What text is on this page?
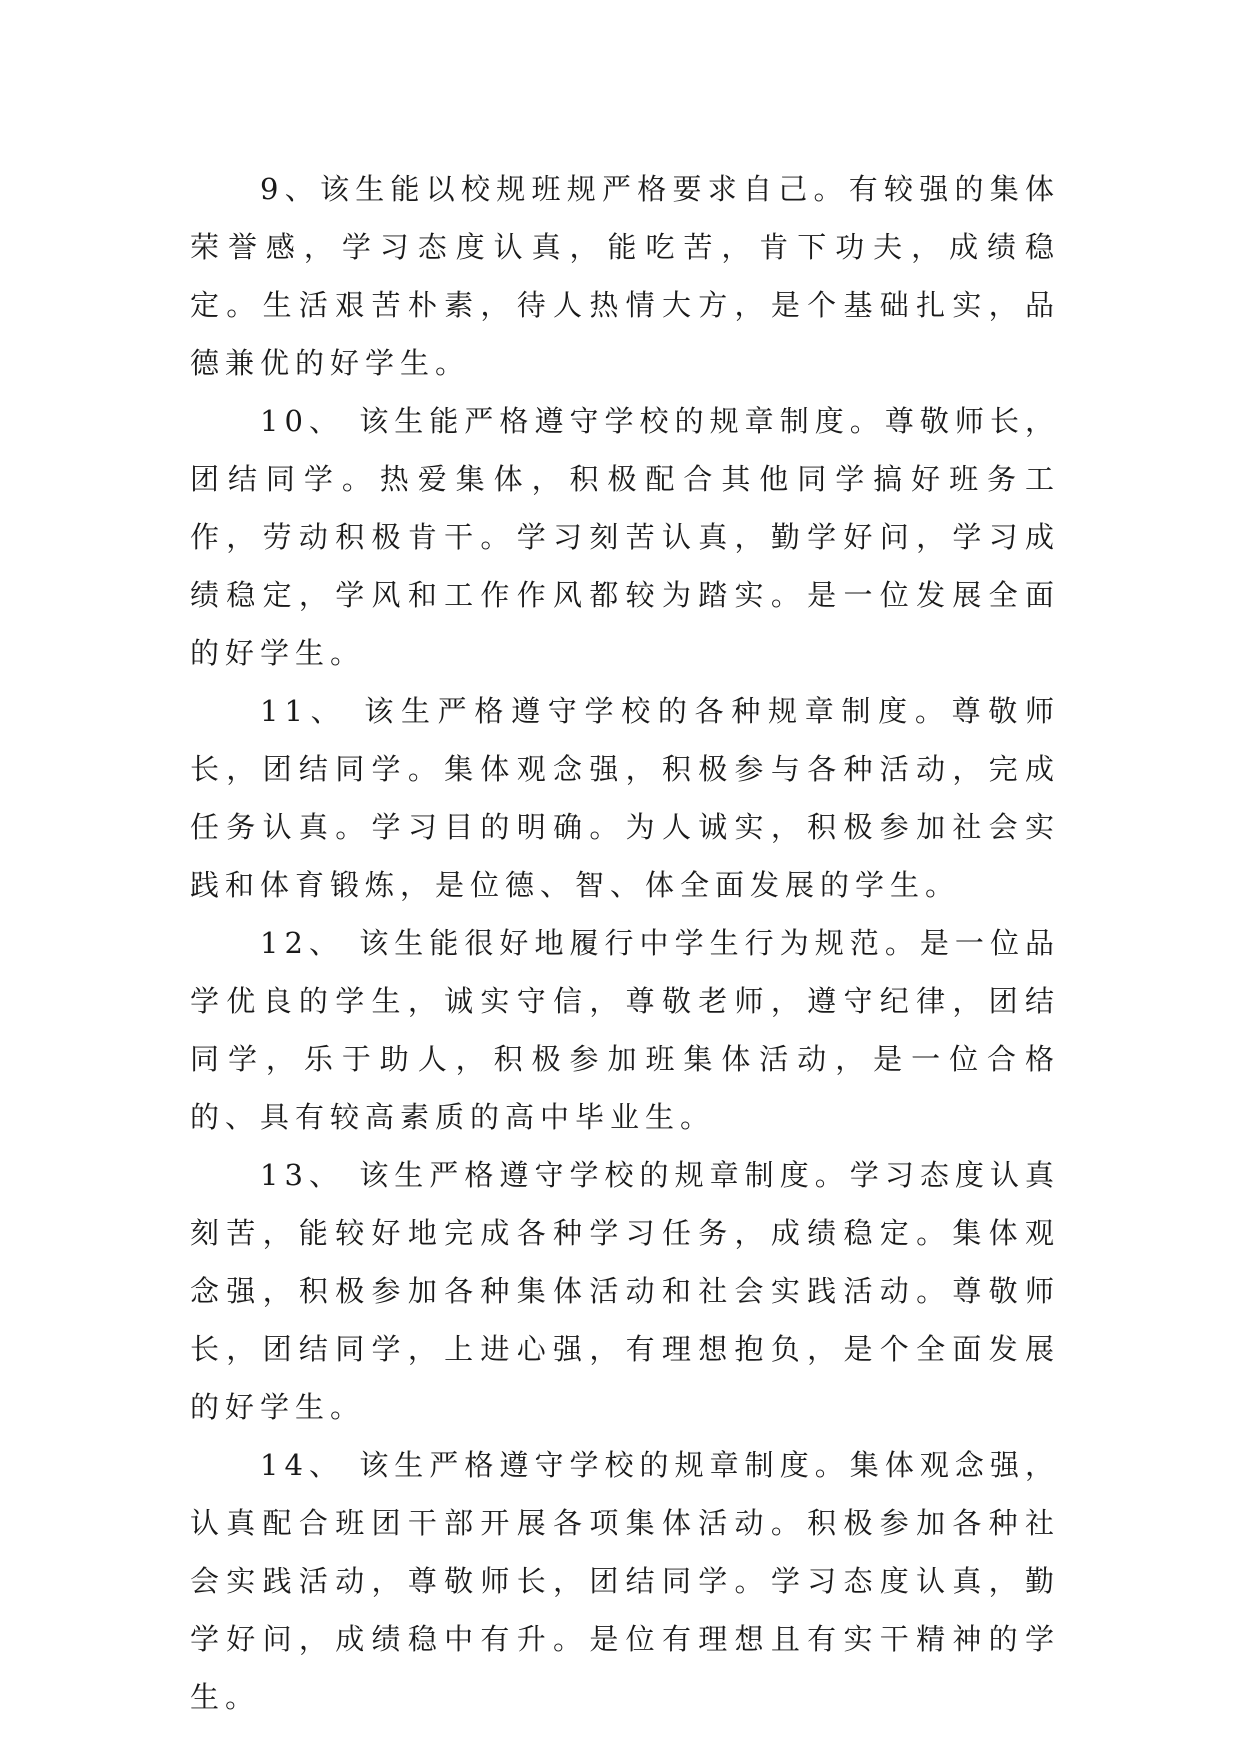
9、该生能以校规班规严格要求自己。有较强的集体荣誉感，学习态度认真，能吃苦，肯下功夫，成绩稳定。生活艰苦朴素，待人热情大方，是个基础扎实，品德兼优的好学生。

10、 该生能严格遵守学校的规章制度。尊敬师长，团结同学。热爱集体，积极配合其他同学搞好班务工作，劳动积极肯干。学习刻苦认真，勤学好问，学习成绩稳定，学风和工作作风都较为踏实。是一位发展全面的好学生。

11、 该生严格遵守学校的各种规章制度。尊敬师长，团结同学。集体观念强，积极参与各种活动，完成任务认真。学习目的明确。为人诚实，积极参加社会实践和体育锻炼，是位德、智、体全面发展的学生。

12、 该生能很好地履行中学生行为规范。是一位品学优良的学生，诚实守信，尊敬老师，遵守纪律，团结同学，乐于助人，积极参加班集体活动，是一位合格的、具有较高素质的高中毕业生。

13、 该生严格遵守学校的规章制度。学习态度认真刻苦，能较好地完成各种学习任务，成绩稳定。集体观念强，积极参加各种集体活动和社会实践活动。尊敬师长，团结同学，上进心强，有理想抱负，是个全面发展的好学生。

14、 该生严格遵守学校的规章制度。集体观念强，认真配合班团干部开展各项集体活动。积极参加各种社会实践活动，尊敬师长，团结同学。学习态度认真，勤学好问，成绩稳中有升。是位有理想且有实干精神的学生。
